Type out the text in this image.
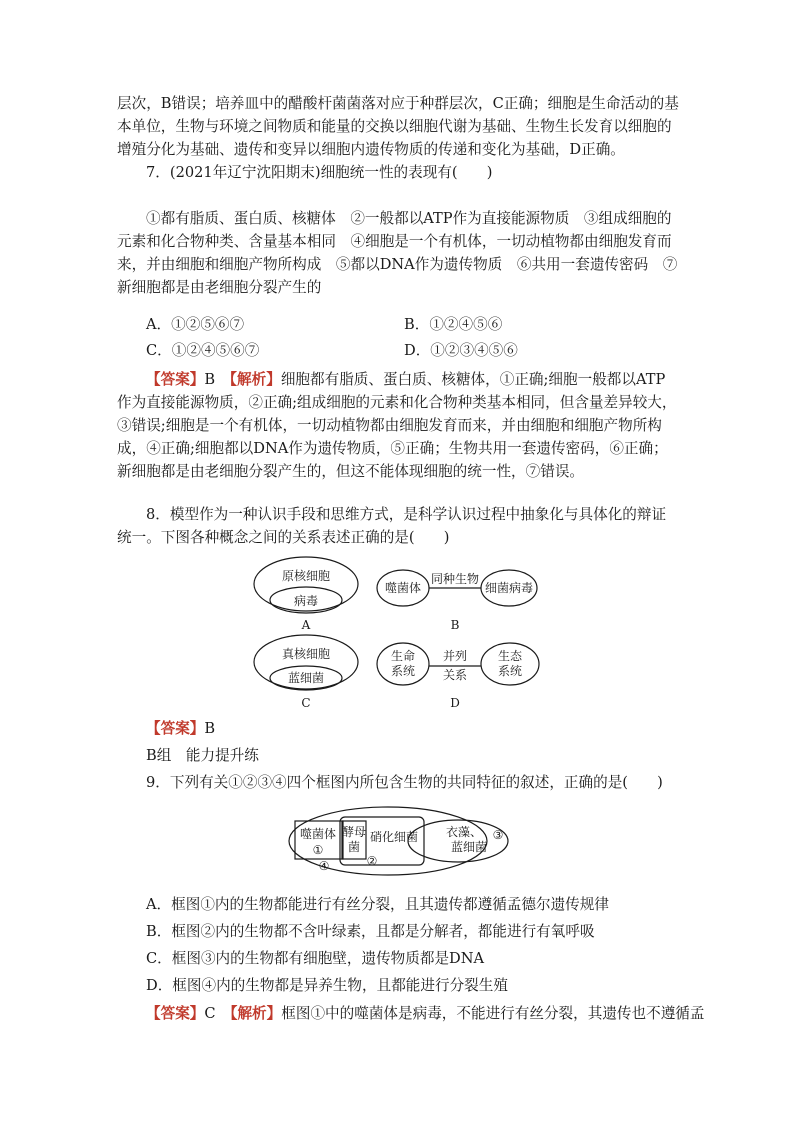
层次，B错误；培养皿中的醋酸杆菌菌落对应于种群层次，C正确；细胞是生命活动的基本单位，生物与环境之间物质和能量的交换以细胞代谢为基础、生物生长发育以细胞的增殖分化为基础、遗传和变异以细胞内遗传物质的传递和变化为基础，D正确。

7．(2021年辽宁沈阳期末)细胞统一性的表现有(　　)

①都有脂质、蛋白质、核糖体　②一般都以ATP作为直接能源物质　③组成细胞的元素和化合物种类、含量基本相同　④细胞是一个有机体，一切动植物都由细胞发育而来，并由细胞和细胞产物所构成　⑤都以DNA作为遗传物质　⑥共用一套遗传密码　⑦新细胞都是由老细胞分裂产生的

A．①②⑤⑥⑦	B．①②④⑤⑥
C．①②④⑤⑥⑦	D．①②③④⑤⑥

【答案】B　 【解析】细胞都有脂质、蛋白质、核糖体，①正确;细胞一般都以ATP作为直接能源物质，②正确;组成细胞的元素和化合物种类基本相同，但含量差异较大，③错误;细胞是一个有机体，一切动植物都由细胞发育而来，并由细胞和细胞产物所构成，④正确;细胞都以DNA作为遗传物质，⑤正确；生物共用一套遗传密码，⑥正确；新细胞都是由老细胞分裂产生的，但这不能体现细胞的统一性，⑦错误。

8．模型作为一种认识手段和思维方式，是科学认识过程中抽象化与具体化的辩证统一。下图各种概念之间的关系表述正确的是(　　)

原核细胞
病毒
A
噬菌体
同种生物
细菌病毒
B
真核细胞
蓝细菌
C
生命
系统
并列
关系
生态
系统
D
【答案】B
B组　能力提升练
9．下列有关①②③④四个框图内所包含生物的共同特征的叙述，正确的是(　　)
噬菌体
①
酵母
菌
硝化细菌
②
衣藻、 ③
蓝细菌
④
A．框图①内的生物都能进行有丝分裂，且其遗传都遵循孟德尔遗传规律
B．框图②内的生物都不含叶绿素，且都是分解者，都能进行有氧呼吸
C．框图③内的生物都有细胞壁，遗传物质都是DNA
D．框图④内的生物都是异养生物，且都能进行分裂生殖
【答案】C　 【解析】框图①中的噬菌体是病毒，不能进行有丝分裂，其遗传也不遵循孟
